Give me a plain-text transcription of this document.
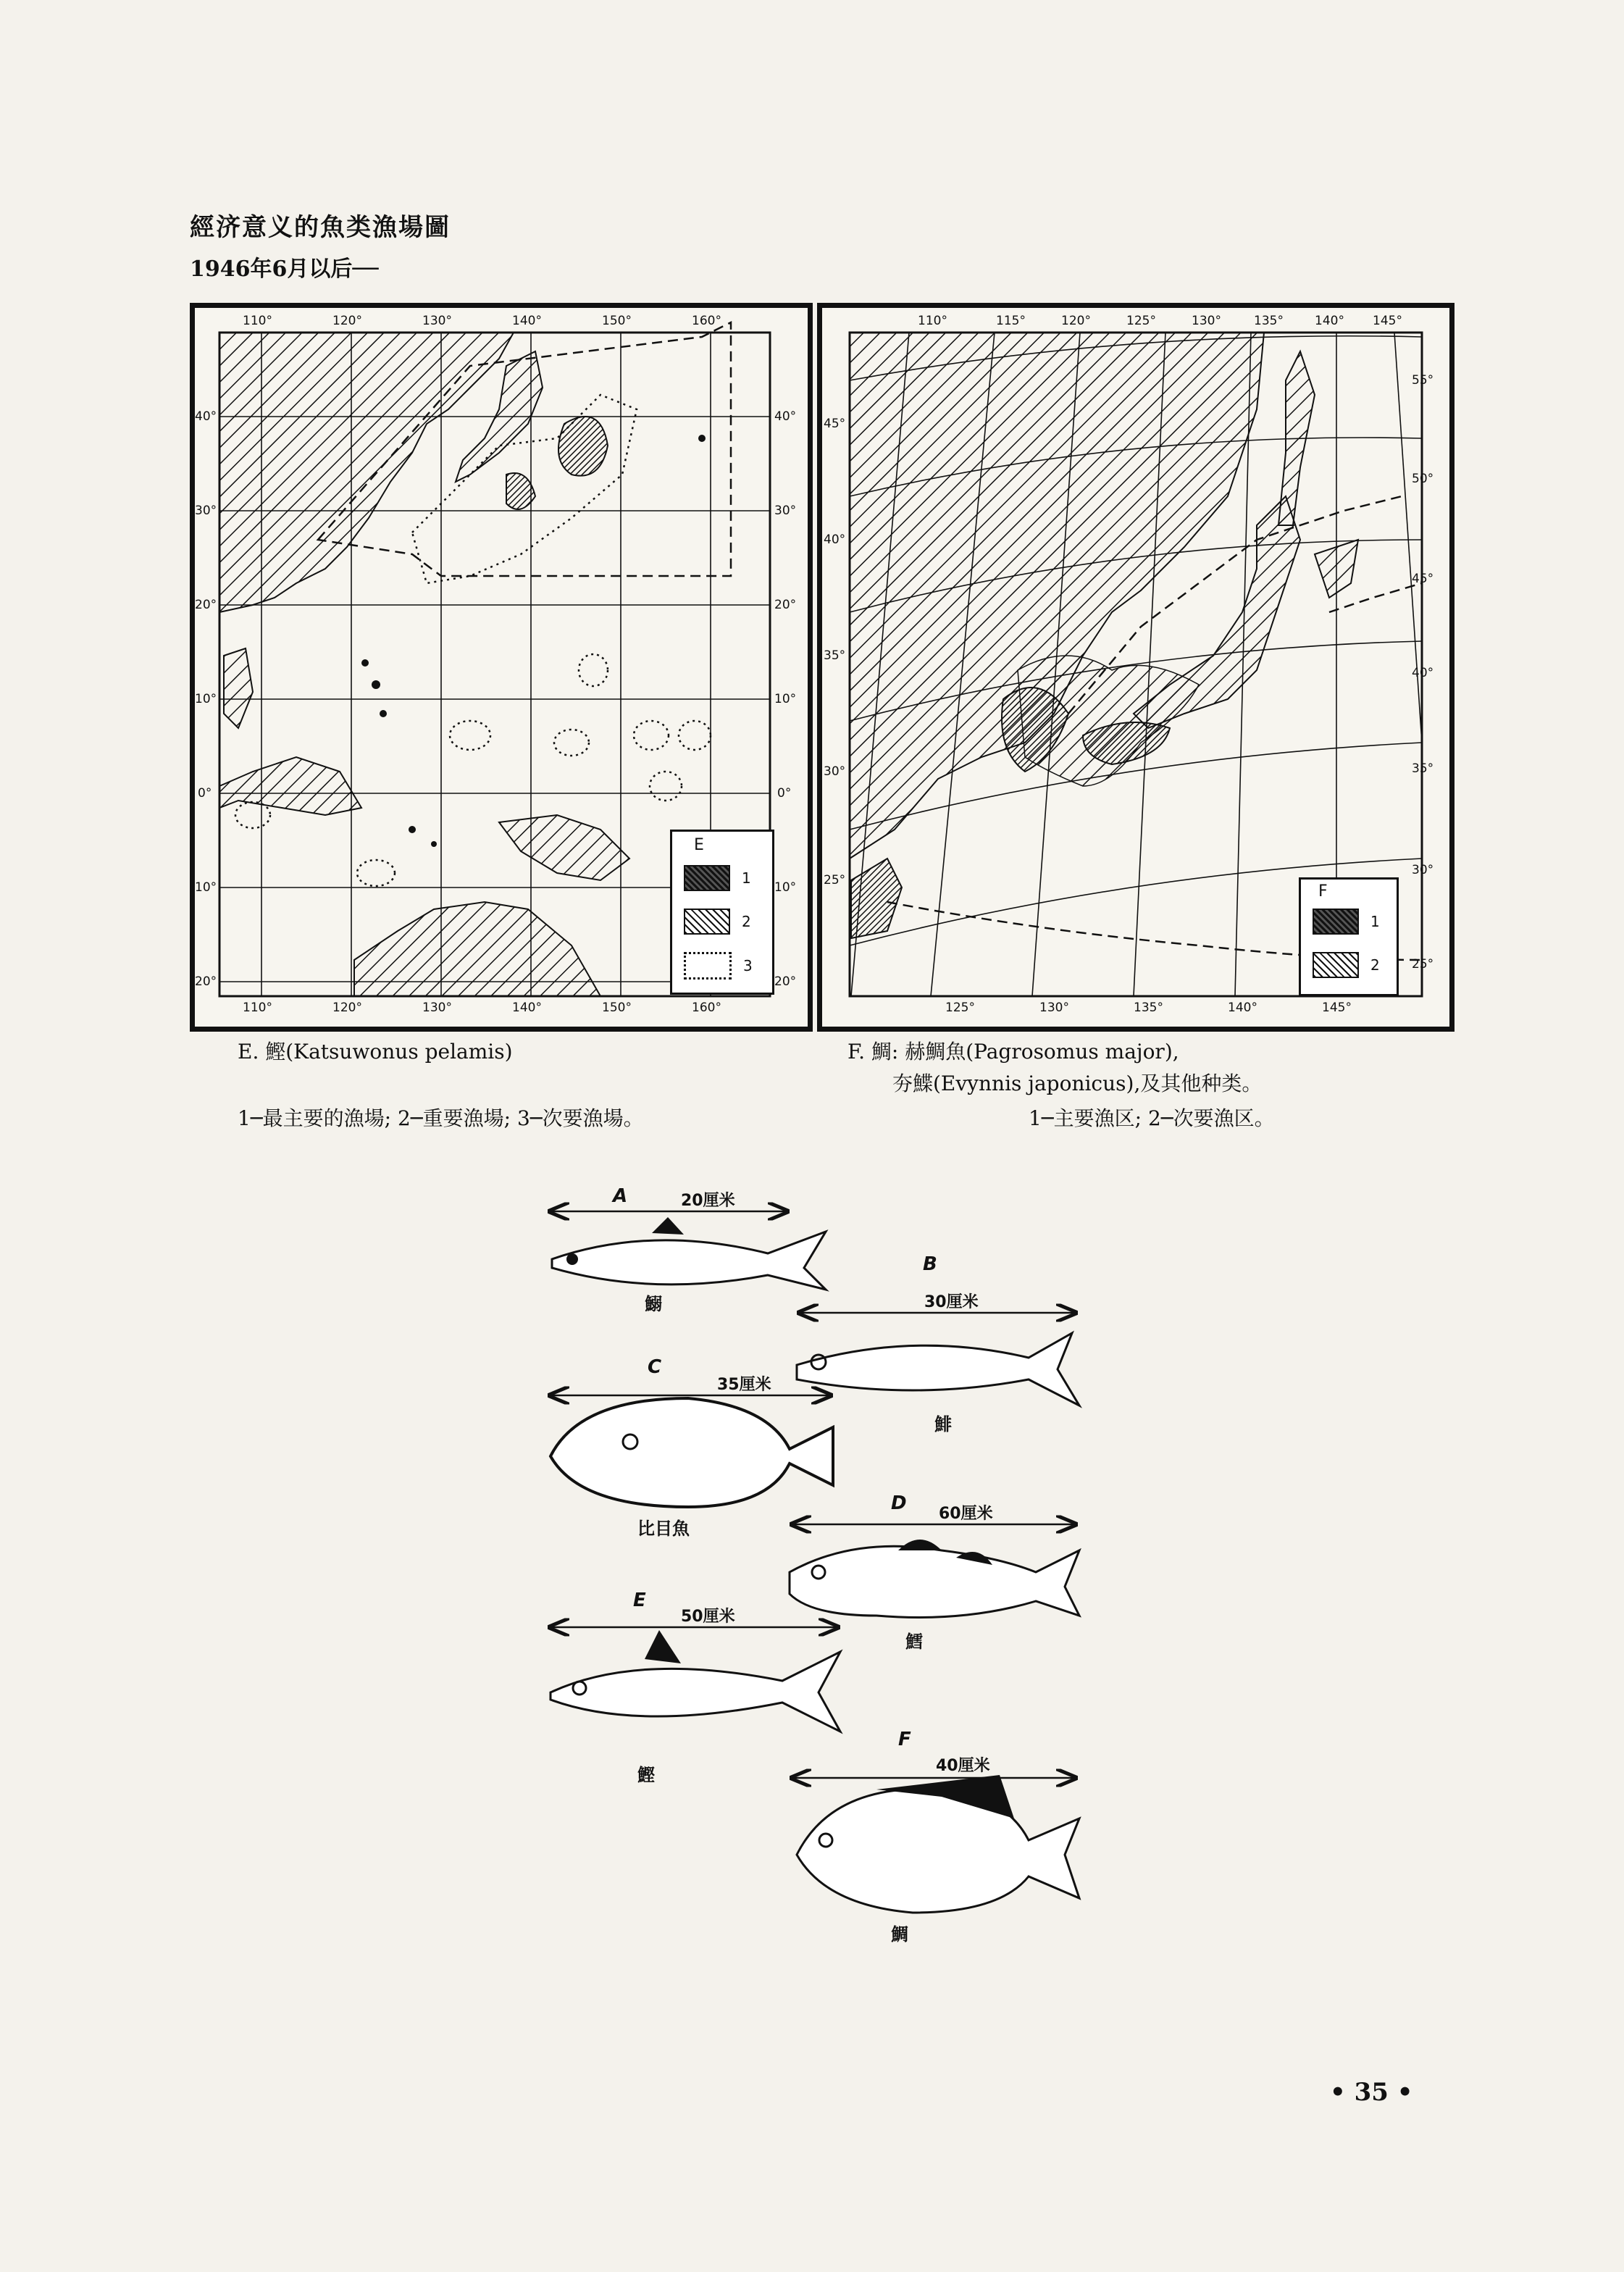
經济意义的魚类漁場圖
1946年6月以后──
110°	120°	130°	140°	150°	160°
110°	120°	130°	140°	150°	160°
40°
30°
20°
10°
0°
10°
20°
40°
30°
20°
10°
0°
10°
20°
E
1
2
3
110°	115°	120°	125°	130°	135°	140° 145°
125°	130°	135°	140°	145°
45°
40°
35°
30°
25°
55°
50°
45°
40°
35°
30°
25°
F
1
2
E. 鰹(Katsuwonus pelamis)
1─最主要的漁場; 2─重要漁場; 3─次要漁場。
F. 鯛: 赫鯛魚(Pagrosomus major),
夯鰈(Evynnis japonicus),及其他种类。
1─主要漁区; 2─次要漁区。
A	20厘米
鰯
B
30厘米
鯡
C
35厘米
比目魚
D 60厘米
鱈
E
50厘米
鰹
F
40厘米
鯛
• 35 •
